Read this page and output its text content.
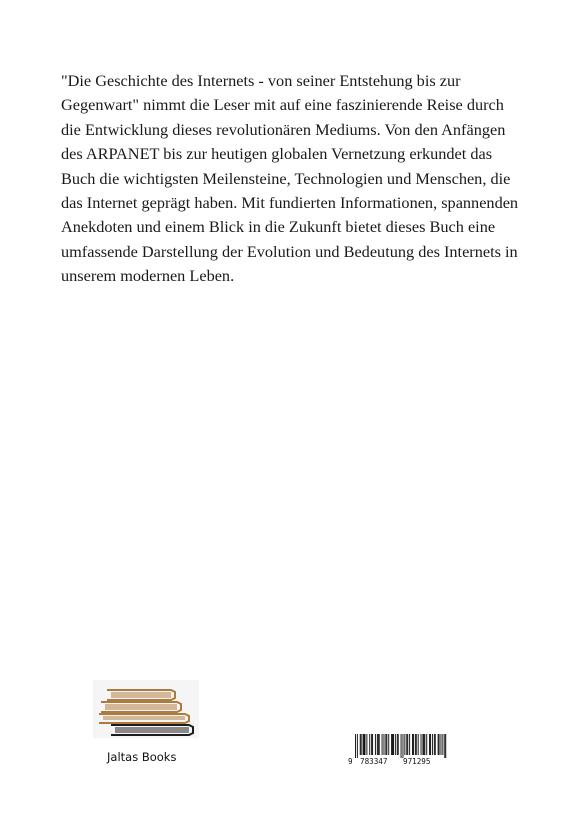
"Die Geschichte des Internets - von seiner Entstehung bis zur Gegenwart" nimmt die Leser mit auf eine faszinierende Reise durch die Entwicklung dieses revolutionären Mediums. Von den Anfängen des ARPANET bis zur heutigen globalen Vernetzung erkundet das Buch die wichtigsten Meilensteine, Technologien und Menschen, die das Internet geprägt haben. Mit fundierten Informationen, spannenden Anekdoten und einem Blick in die Zukunft bietet dieses Buch eine umfassende Darstellung der Evolution und Bedeutung des Internets in unserem modernen Leben.

Jaltas Books	9 783347 971295
